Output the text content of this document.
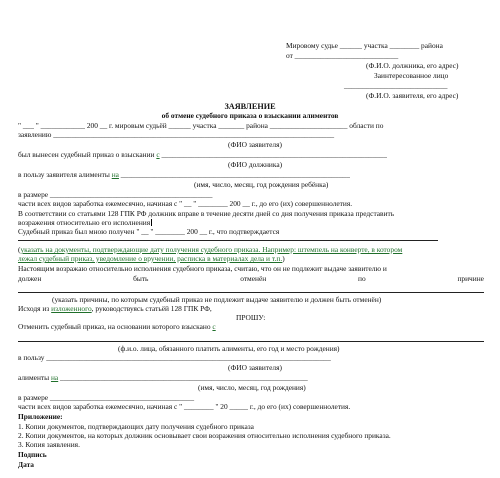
Мировому судье ______ участка ________ района
от ____________________________
(Ф.И.О. должника, его адрес)
Заинтересованное лицо
____________________________
(Ф.И.О. заявителя, его адрес)
ЗАЯВЛЕНИЕ
об отмене судебного приказа о взыскании алиментов
" ___ " ____________ 200 __ г. мировым судьёй ______ участка _______ района _____________________ области по
заявлению ____________________________________________________________________________
(ФИО заявителя)
был вынесен судебный приказ о взыскании с _____________________________________________________________
(ФИО должника)
в пользу заявителя алименты на ______________________________________________________________
(имя, число, месяц, год рождения ребёнка)
в размере ____________________________________________
части всех видов заработка ежемесячно, начиная с " __ " ________ 200 __ г., до его (их) совершеннолетия.
В соответствии со статьями 128 ГПК РФ должник вправе в течение десяти дней со дня получения приказа представить
возражения относительно его исполнения
Судебный приказ был мною получен " __ " ________ 200 __ г., что подтверждается
(указать на документы, подтверждающие дату получения судебного приказа. Например: штемпель на конверте, в котором
лежал судебный приказ, уведомление о вручении, расписка в материалах дела и т.п.)
Настоящим возражаю относительно исполнения судебного приказа, считаю, что он не подлежит выдаче заявителю и
должен	быть	отменён	по	причине
(указать причины, по которым судебный приказ не подлежит выдаче заявителю и должен быть отменён)
Исходя из изложенного, руководствуясь статьёй 128 ГПК РФ,
ПРОШУ:
Отменить судебный приказ, на основании которого взыскано с
(ф.и.о. лица, обязанного платить алименты, его год и место рождения)
в пользу _____________________________________________________________________________
(ФИО заявителя)
алименты на ___________________________________________________________________
(имя, число, месяц, год рождения)
в размере _______________________________________
части всех видов заработка ежемесячно, начиная с " ________ " 20 _____ г., до его (их) совершеннолетия.
Приложение:
1. Копии документов, подтверждающих дату получения судебного приказа
2. Копии документов, на которых должник основывает свои возражения относительно исполнения судебного приказа.
3. Копия заявления.
Подпись
Дата
